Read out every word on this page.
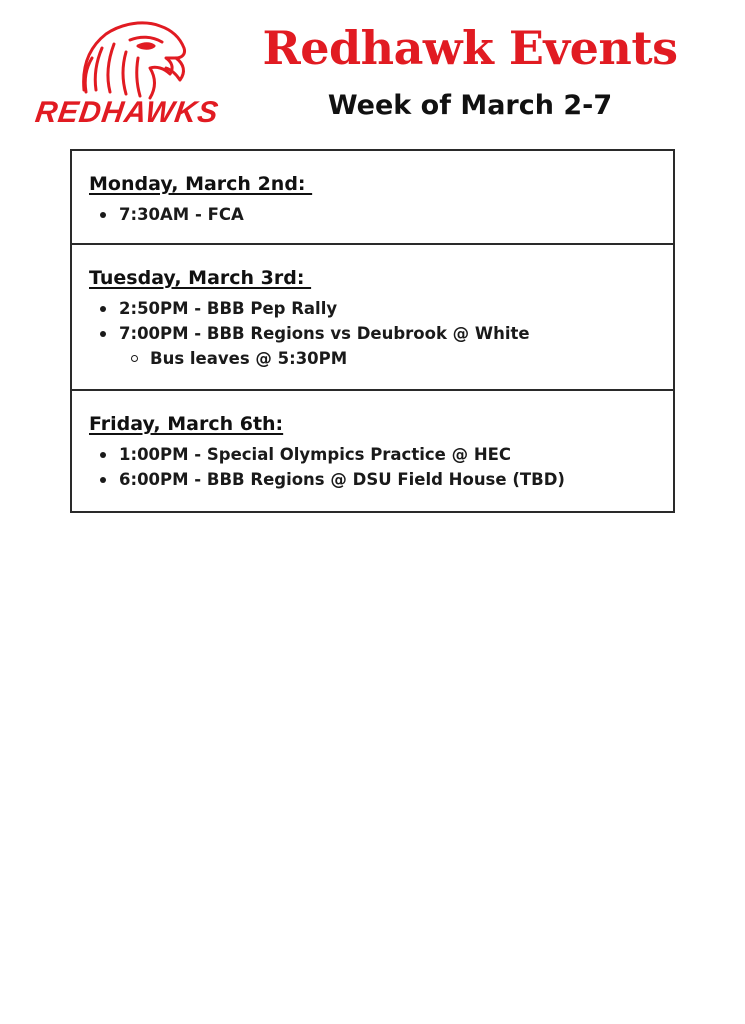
REDHAWKS
Redhawk Events
Week of March 2-7
Monday, March 2nd:
7:30AM - FCA
Tuesday, March 3rd:
2:50PM - BBB Pep Rally
7:00PM - BBB Regions vs Deubrook @ White
Bus leaves @ 5:30PM
Friday, March 6th:
1:00PM - Special Olympics Practice @ HEC
6:00PM - BBB Regions @ DSU Field House (TBD)
